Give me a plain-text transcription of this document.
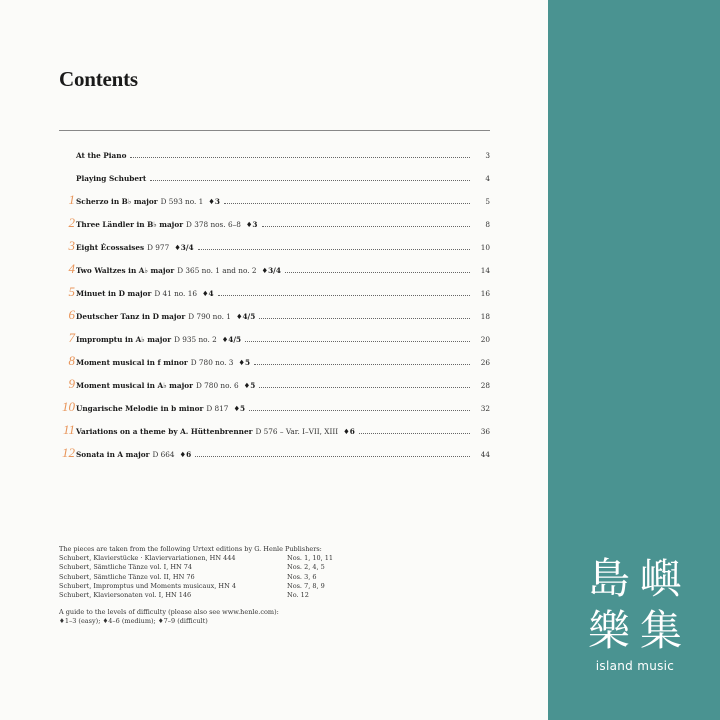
Contents
At the Piano	3
Playing Schubert	4
1 Scherzo in B♭ major D 593 no. 1 ♦3	5
2 Three Ländler in B♭ major D 378 nos. 6–8 ♦3	8
3 Eight Écossaises D 977 ♦3/4	10
4 Two Waltzes in A♭ major D 365 no. 1 and no. 2 ♦3/4	14
5 Minuet in D major D 41 no. 16 ♦4	16
6 Deutscher Tanz in D major D 790 no. 1 ♦4/5	18
7 Impromptu in A♭ major D 935 no. 2 ♦4/5	20
8 Moment musical in f minor D 780 no. 3 ♦5	26
9 Moment musical in A♭ major D 780 no. 6 ♦5	28
10 Ungarische Melodie in b minor D 817 ♦5	32
11 Variations on a theme by A. Hüttenbrenner D 576 – Var. I–VII, XIII ♦6	36
12 Sonata in A major D 664 ♦6	44
The pieces are taken from the following Urtext editions by G. Henle Publishers:
Schubert, Klavierstücke · Klaviervariationen, HN 444	Nos. 1, 10, 11
Schubert, Sämtliche Tänze vol. I, HN 74	Nos. 2, 4, 5
Schubert, Sämtliche Tänze vol. II, HN 76	Nos. 3, 6
Schubert, Impromptus und Moments musicaux, HN 4	Nos. 7, 8, 9
Schubert, Klaviersonaten vol. I, HN 146	No. 12
A guide to the levels of difficulty (please also see www.henle.com):
♦1–3 (easy); ♦4–6 (medium); ♦7–9 (difficult)
島 嶼
樂 集
island music
